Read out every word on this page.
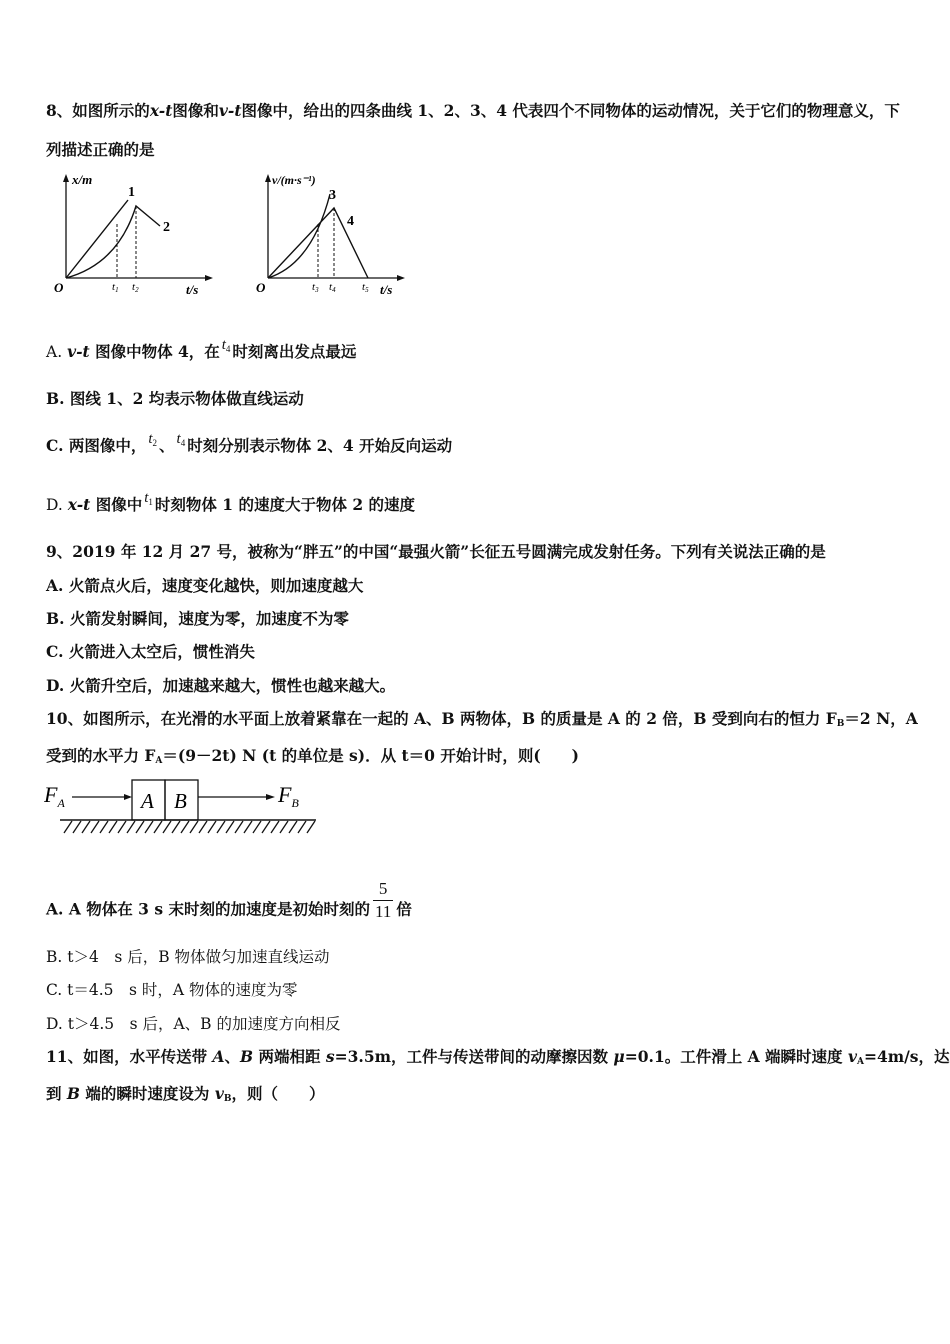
8、如图所示的x-t图像和v-t图像中，给出的四条曲线 1、2、3、4 代表四个不同物体的运动情况，关于它们的物理意义，下
列描述正确的是
x/m
t/s
O
1
2
t1 t2
v/(m·s⁻¹)
t/s
O
3
4
t3 t4 t5
A. v-t 图像中物体 4，在 $t_4$ 时刻离出发点最远
B. 图线 1、2 均表示物体做直线运动
C. 两图像中， $t_2$ 、 $t_4$ 时刻分别表示物体 2、4 开始反向运动
D. x-t 图像中 $t_1$ 时刻物体 1 的速度大于物体 2 的速度
9、2019 年 12 月 27 号，被称为“胖五”的中国“最强火箭”长征五号圆满完成发射任务。下列有关说法正确的是
A. 火箭点火后，速度变化越快，则加速度越大
B. 火箭发射瞬间，速度为零，加速度不为零
C. 火箭进入太空后，惯性消失
D. 火箭升空后，加速越来越大，惯性也越来越大。
10、如图所示，在光滑的水平面上放着紧靠在一起的 A、B 两物体，B 的质量是 A 的 2 倍，B 受到向右的恒力 $F_B=2$ N，A
受到的水平力 $F_A=(9-2t)$ N (t 的单位是 s)．从 t＝0 开始计时，则(　　)
$F_A$	A B	$F_B$
A. A 物体在 3 s 末时刻的加速度是初始时刻的 $\frac{5}{11}$ 倍
B. t＞4　s 后，B 物体做匀加速直线运动
C. t＝4.5　s 时，A 物体的速度为零
D. t＞4.5　s 后，A、B 的加速度方向相反
11、如图，水平传送带 A、B 两端相距 s=3.5m，工件与传送带间的动摩擦因数 μ=0.1。工件滑上 A 端瞬时速度 $v_A=4m/s$，达
到 B 端的瞬时速度设为 $v_B$，则（　　）
